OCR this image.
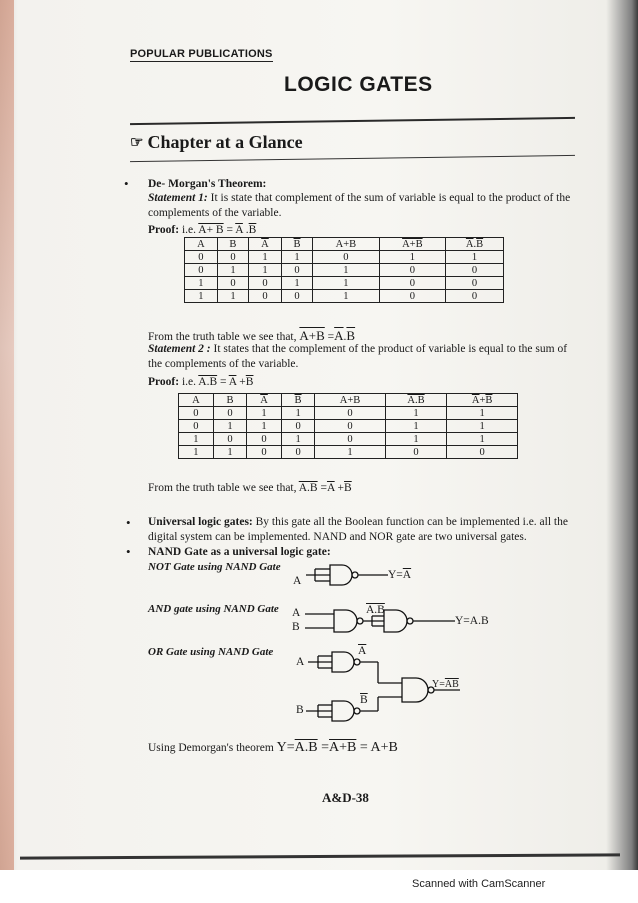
POPULAR PUBLICATIONS
LOGIC GATES
☞ Chapter at a Glance
• De- Morgan's Theorem:
Statement 1: It is state that complement of the sum of variable is equal to the product of the
complements of the variable.
Proof: i.e. $A+ B = \overline{A}$ $.\overline{B}$
A	B	$\overline{A}$	$\overline{B}$	A+B	A+B	$\overline{A}.\overline{B}$
0	0	1	1	0	1	1
0	1	1	0	1	0	0
1	0	0	1	1	0	0
1	1	0	0	1	0	0
From the truth table we see that, $A+B =\overline{A}.\overline{B}$
Statement 2 : It states that the complement of the product of variable is equal to the sum of
the complements of the variable.
Proof: i.e. $A.B = \overline{A} +\overline{B}$
A	B	$\overline{A}$	$\overline{B}$	A+B	A.B	$\overline{A}+\overline{B}$
0	0	1	1	0	1	1
0	1	1	0	0	1	1
1	0	0	1	0	1	1
1	1	0	0	1	0	0
From the truth table we see that, $A.B =\overline{A} +\overline{B}$
• Universal logic gates: By this gate all the Boolean function can be implemented i.e. all the
digital system can be implemented. NAND and NOR gate are two universal gates.
• NAND Gate as a universal logic gate:
NOT Gate using NAND Gate
AND gate using NAND Gate
OR Gate using NAND Gate
A	$Y=\overline{A}$
A
B
A.B
Y=A.B
A
$\overline{A}$
B
$\overline{B}$
$Y=\overline{AB}$
Using Demorgan's theorem Y=A.B =A+B = A+B
A&D-38
Scanned with CamScanner
